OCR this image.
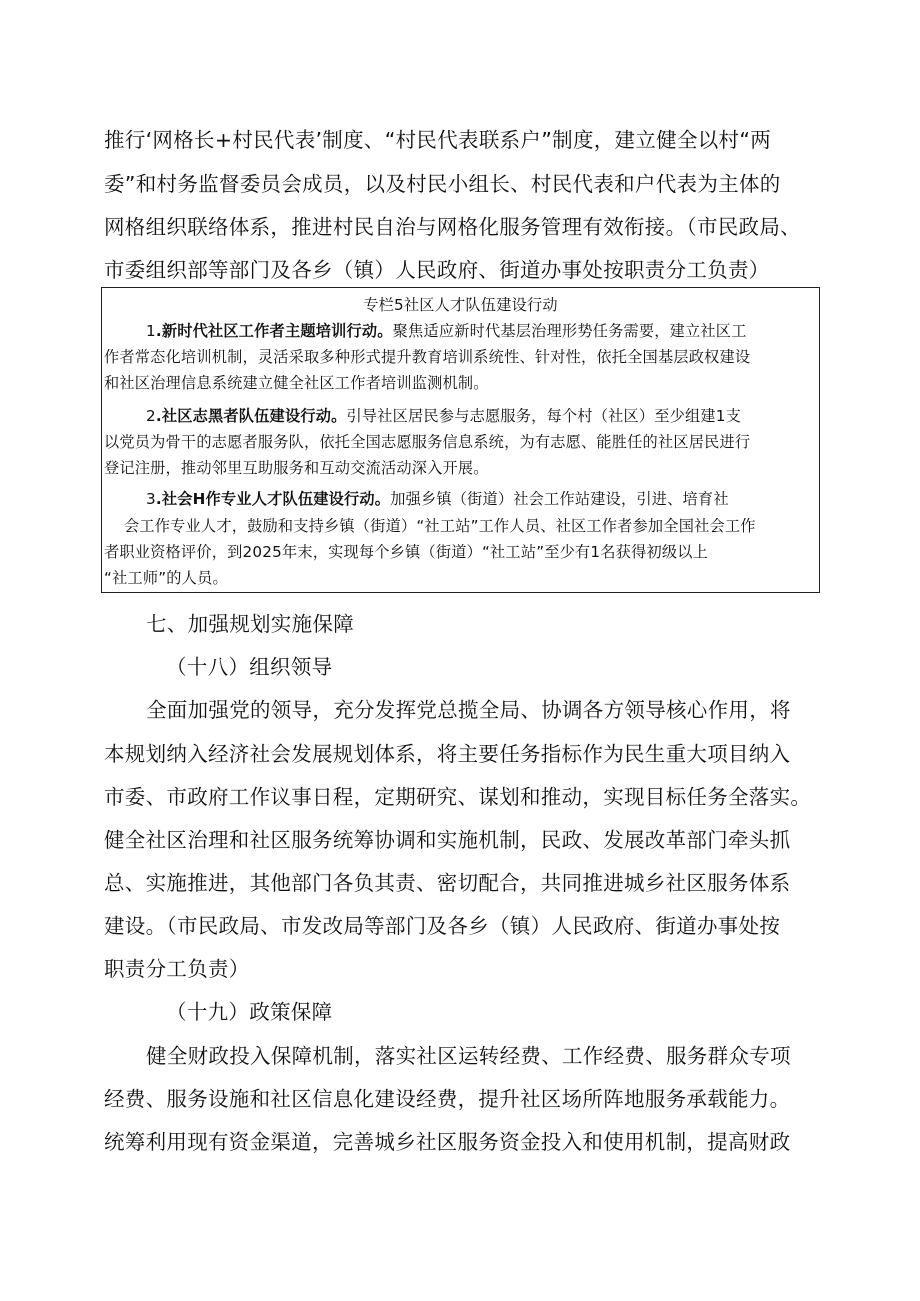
推行‘网格长+村民代表’制度、“村民代表联系户”制度，建立健全以村“两
委”和村务监督委员会成员，以及村民小组长、村民代表和户代表为主体的
网格组织联络体系，推进村民自治与网格化服务管理有效衔接。（市民政局、
市委组织部等部门及各乡（镇）人民政府、街道办事处按职责分工负责）
专栏5社区人才队伍建设行动
1.新时代社区工作者主题培训行动。聚焦适应新时代基层治理形势任务需要，建立社区工
作者常态化培训机制，灵活采取多种形式提升教育培训系统性、针对性，依托全国基层政权建设
和社区治理信息系统建立健全社区工作者培训监测机制。
2.社区志黑者队伍建设行动。引导社区居民参与志愿服务，每个村（社区）至少组建1支
以党员为骨干的志愿者服务队，依托全国志愿服务信息系统，为有志愿、能胜任的社区居民进行
登记注册，推动邻里互助服务和互动交流活动深入开展。
3.社会H作专业人才队伍建设行动。加强乡镇（街道）社会工作站建设，引进、培育社
会工作专业人才，鼓励和支持乡镇（街道）“社工站”工作人员、社区工作者参加全国社会工作
者职业资格评价，到2025年末，实现每个乡镇（街道）“社工站”至少有1名获得初级以上
“社工师”的人员。
七、加强规划实施保障
（十八）组织领导
全面加强党的领导，充分发挥党总揽全局、协调各方领导核心作用，将
本规划纳入经济社会发展规划体系，将主要任务指标作为民生重大项目纳入
市委、市政府工作议事日程，定期研究、谋划和推动，实现目标任务全落实。
健全社区治理和社区服务统筹协调和实施机制，民政、发展改革部门牵头抓
总、实施推进，其他部门各负其责、密切配合，共同推进城乡社区服务体系
建设。（市民政局、市发改局等部门及各乡（镇）人民政府、街道办事处按
职责分工负责）
（十九）政策保障
健全财政投入保障机制，落实社区运转经费、工作经费、服务群众专项
经费、服务设施和社区信息化建设经费，提升社区场所阵地服务承载能力。
统筹利用现有资金渠道，完善城乡社区服务资金投入和使用机制，提高财政
